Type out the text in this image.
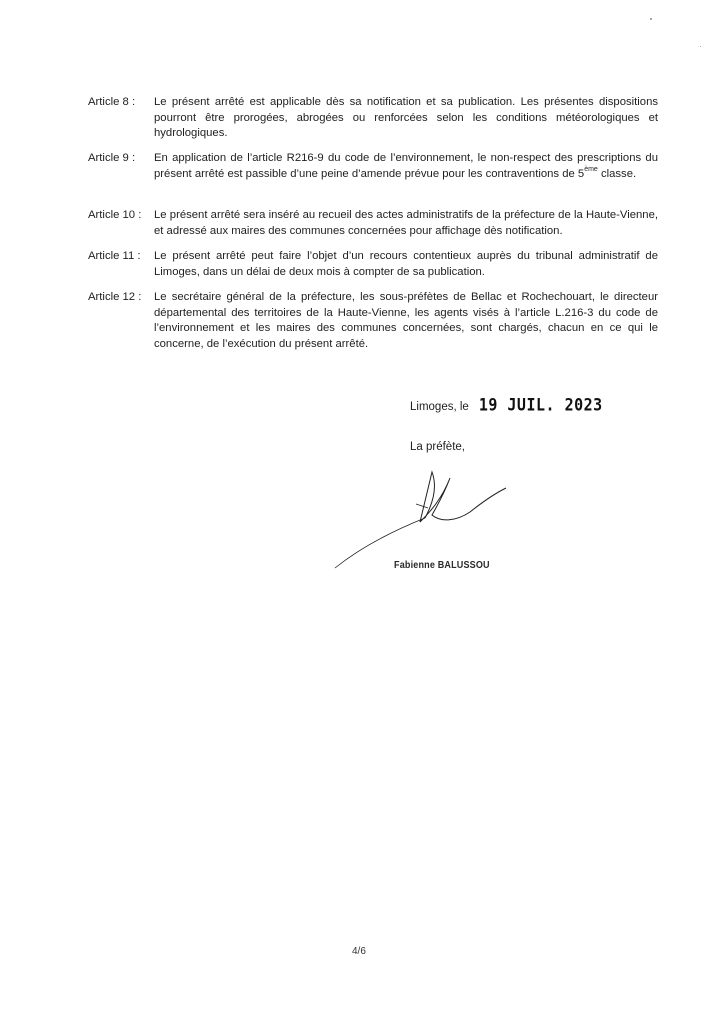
Article 8 :	Le présent arrêté est applicable dès sa notification et sa publication. Les présentes dispositions pourront être prorogées, abrogées ou renforcées selon les conditions météorologiques et hydrologiques.
Article 9 :	En application de l’article R216-9 du code de l’environnement, le non-respect des prescriptions du présent arrêté est passible d’une peine d’amende prévue pour les contraventions de 5ème classe.
Article 10 :	Le présent arrêté sera inséré au recueil des actes administratifs de la préfecture de la Haute-Vienne, et adressé aux maires des communes concernées pour affichage dès notification.
Article 11 :	Le présent arrêté peut faire l’objet d’un recours contentieux auprès du tribunal administratif de Limoges, dans un délai de deux mois à compter de sa publication.
Article 12 :	Le secrétaire général de la préfecture, les sous-préfètes de Bellac et Rochechouart, le directeur départemental des territoires de la Haute-Vienne, les agents visés à l’article L.216-3 du code de l’environnement et les maires des communes concernées, sont chargés, chacun en ce qui le concerne, de l’exécution du présent arrêté.
Limoges, le 19 JUIL. 2023
La préfète,
Fabienne BALUSSOU
4/6
